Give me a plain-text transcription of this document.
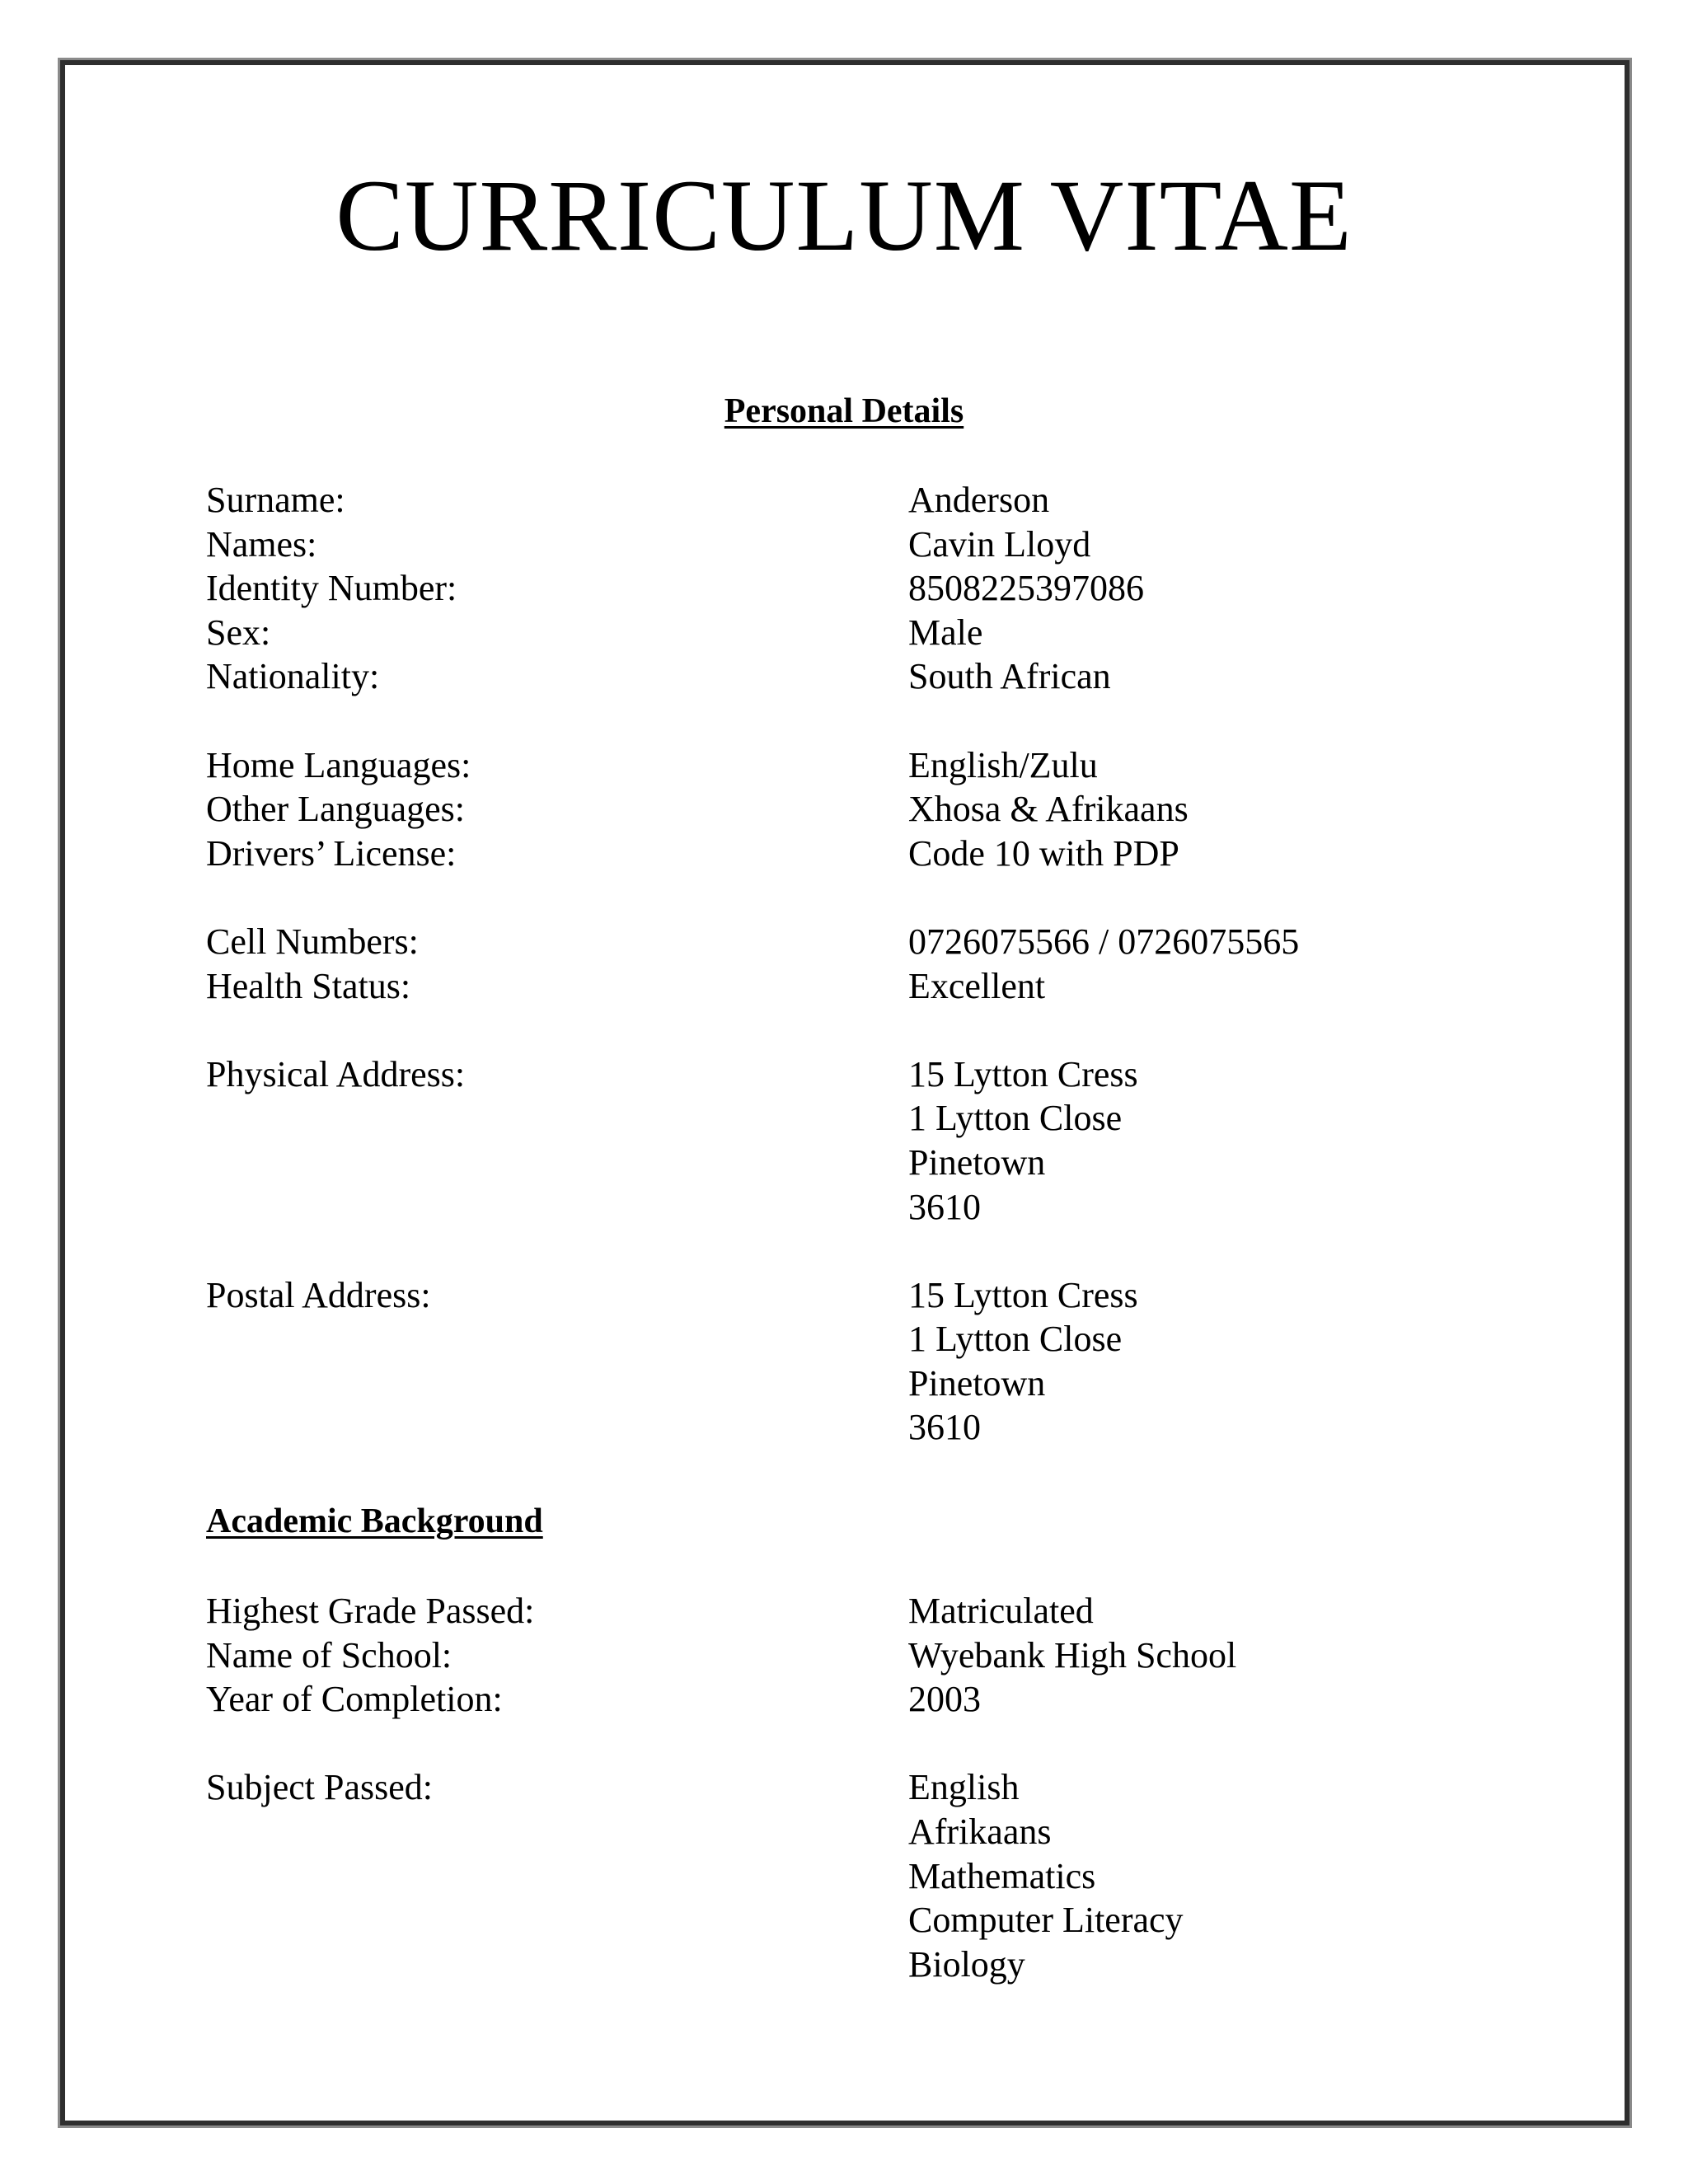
CURRICULUM VITAE
Personal Details
Surname:	Anderson
Names:	Cavin Lloyd
Identity Number:	8508225397086
Sex:	Male
Nationality:	South African
Home Languages:	English/Zulu
Other Languages:	Xhosa & Afrikaans
Drivers’ License:	Code 10 with PDP
Cell Numbers:	0726075566 / 0726075565
Health Status:	Excellent
Physical Address:	15 Lytton Cress
1 Lytton Close
Pinetown
3610
Postal Address:	15 Lytton Cress
1 Lytton Close
Pinetown
3610
Academic Background
Highest Grade Passed:	Matriculated
Name of School:	Wyebank High School
Year of Completion:	2003
Subject Passed:	English
Afrikaans
Mathematics
Computer Literacy
Biology
